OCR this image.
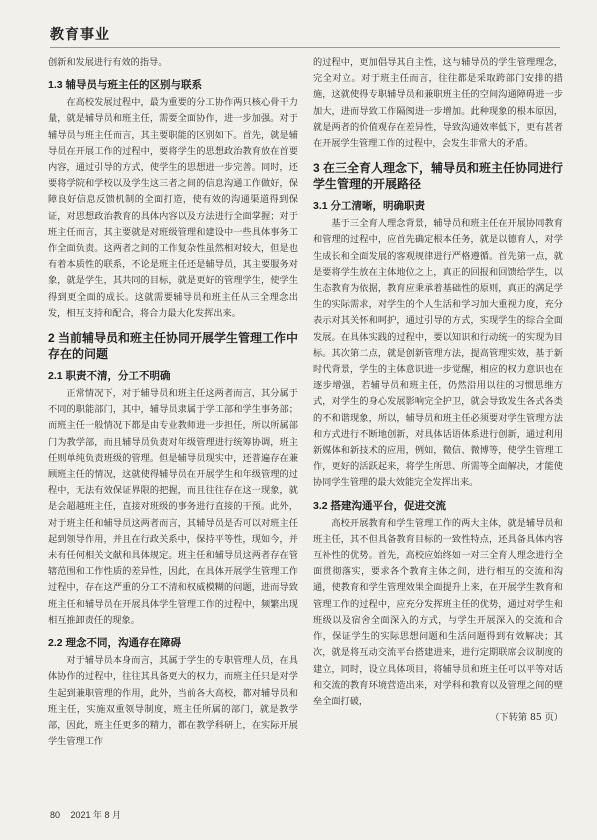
教育事业

创新和发展进行有效的指导。

1.3 辅导员与班主任的区别与联系

在高校发展过程中，最为重要的分工协作两只核心骨干力量，就是辅导员和班主任，需要全面协作，进一步加强。对于辅导员与班主任而言，其主要职能的区别如下。首先，就是辅导员在开展工作的过程中，要将学生的思想政治教育放在首要内容，通过引导的方式，使学生的思想进一步完善。同时，还要将学院和学校以及学生这三者之间的信息沟通工作做好，保障良好信息反馈机制的全面打造，使有效的沟通渠道得到保证，对思想政治教育的具体内容以及方法进行全面掌握；对于班主任而言，其主要就是对班级管理和建设中一些具体事务工作全面负责。这两者之间的工作复杂性虽然相对较大，但是也有着本质性的联系，不论是班主任还是辅导员，其主要服务对象，就是学生，其共同的目标，就是更好的管理学生，使学生得到更全面的成长。这就需要辅导员和班主任从三全理念出发，相互支持和配合，将合力最大化发挥出来。

2 当前辅导员和班主任协同开展学生管理工作中存在的问题
2.1 职责不清，分工不明确

正常情况下，对于辅导员和班主任这两者而言，其分属于不同的职能部门，其中，辅导员隶属于学工部和学生事务部；而班主任一般情况下都是由专业教师进一步担任，所以所属部门为教学部，而且辅导员负责对年级管理进行统筹协调，班主任则单纯负责班级的管理。但是辅导员现实中，还普遍存在兼顾班主任的情况，这就使得辅导员在开展学生和年级管理的过程中，无法有效保证界限的把握，而且往往存在这一现象，就是会超越班主任，直接对班级的事务进行直接的干预。此外，对于班主任和辅导员这两者而言，其辅导员是否可以对班主任起到领导作用，并且在行政关系中，保持平等性，现如今，并未有任何相关文献和具体规定。班主任和辅导员这两者存在管辖范围和工作性质的差异性，因此，在具体开展学生管理工作过程中，存在这严重的分工不清和权威模糊的问题，进而导致班主任和辅导员在开展具体学生管理工作的过程中，频繁出现相互推卸责任的现象。

2.2 理念不同，沟通存在障碍

对于辅导员本身而言，其属于学生的专职管理人员，在具体协作的过程中，往往其具备更大的权力，而班主任只是对学生起到兼职管理的作用，此外，当前各大高校，都对辅导员和班主任，实施双重领导制度，班主任所属的部门，就是教学部，因此，班主任更多的精力，都在教学科研上，在实际开展学生管理工作

的过程中，更加倡导其自主性，这与辅导员的学生管理理念，完全对立。对于班主任而言，往往都是采取跨部门安排的措施，这就使得专职辅导员和兼职班主任的空间沟通障碍进一步加大，进而导致工作隔阂进一步增加。此种现象的根本原因，就是两者的价值观存在差异性，导致沟通效率低下，更有甚者在开展学生管理工作的过程中，会发生非常大的矛盾。

3 在三全育人理念下，辅导员和班主任协同进行学生管理的开展路径
3.1 分工清晰，明确职责

基于三全育人理念背景，辅导员和班主任在开展协同教育和管理的过程中，应首先确定根本任务，就是以德育人，对学生成长和全面发展的客观规律进行严格遵循。首先第一点，就是要将学生放在主体地位之上，真正的回报和回馈给学生，以生态教育为依据，教育应秉承着基础性的原则，真正的满足学生的实际需求，对学生的个人生活和学习加大重视力度，充分表示对其关怀和呵护，通过引导的方式，实现学生的综合全面发展。在具体实践的过程中，要以知识和行动统一的实现为目标。其次第二点，就是创新管理方法，提高管理实效，基于新时代背景，学生的主体意识进一步觉醒，相应的权力意识也在逐步增强，若辅导员和班主任，仍然沿用以往的习惯思维方式，对学生的身心发展影响完全护卫，就会导致发生各式各类的不和谐现象，所以，辅导员和班主任必须要对学生管理方法和方式进行不断地创新，对具体话语体系进行创新，通过利用新媒体和新技术的应用，例如，微信、微博等，使学生管理工作，更好的活跃起来，将学生所思、所需等全面解决，才能使协同学生管理的最大效能完全发挥出来。

3.2 搭建沟通平台，促进交流

高校开展教育和学生管理工作的两大主体，就是辅导员和班主任，其不但具备教育目标的一致性特点，还具备具体内容互补性的优势。首先，高校应始终如一对三全育人理念进行全面贯彻落实，要求各个教育主体之间，进行相互的交流和沟通，使教育和学生管理效果全面提升上来，在开展学生教育和管理工作的过程中，应充分发挥班主任的优势，通过对学生和班级以及宿舍全面深入的方式，与学生开展深入的交流和合作，保证学生的实际思想问题和生活问题得到有效解决；其次，就是将互动交流平台搭建进来，进行定期联席会议制度的建立，同时，设立具体项目，将辅导员和班主任可以平等对话和交流的教育环境营造出来，对学科和教育以及管理之间的壁垒全面打破，

（下转第 85 页）

80 2021 年 8 月
